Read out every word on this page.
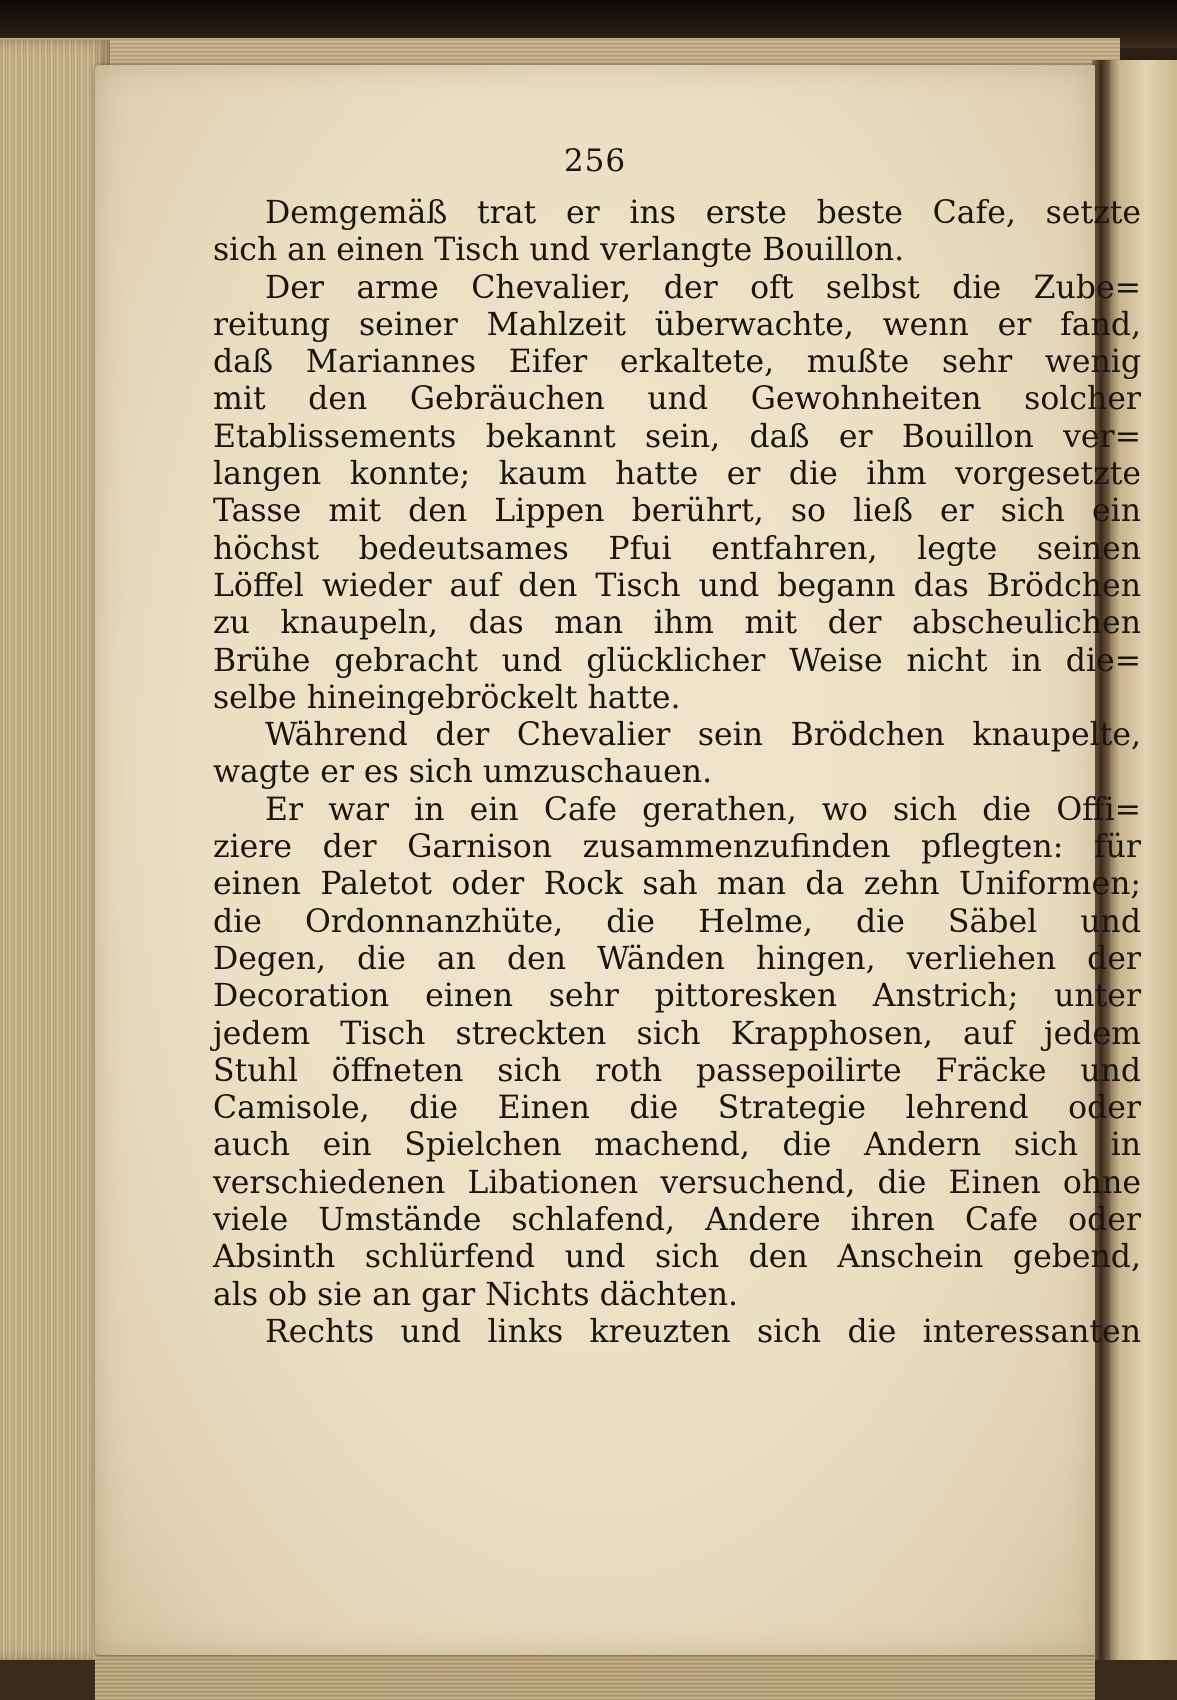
256
Demgemäß trat er ins erste beste Cafe, setzte
sich an einen Tisch und verlangte Bouillon.
Der arme Chevalier, der oft selbst die Zube=
reitung seiner Mahlzeit überwachte, wenn er fand,
daß Mariannes Eifer erkaltete, mußte sehr wenig
mit den Gebräuchen und Gewohnheiten solcher
Etablissements bekannt sein, daß er Bouillon ver=
langen konnte; kaum hatte er die ihm vorgesetzte
Tasse mit den Lippen berührt, so ließ er sich ein
höchst bedeutsames Pfui entfahren, legte seinen
Löffel wieder auf den Tisch und begann das Brödchen
zu knaupeln, das man ihm mit der abscheulichen
Brühe gebracht und glücklicher Weise nicht in die=
selbe hineingebröckelt hatte.
Während der Chevalier sein Brödchen knaupelte,
wagte er es sich umzuschauen.
Er war in ein Cafe gerathen, wo sich die Offi=
ziere der Garnison zusammenzufinden pflegten: für
einen Paletot oder Rock sah man da zehn Uniformen;
die Ordonnanzhüte, die Helme, die Säbel und
Degen, die an den Wänden hingen, verliehen der
Decoration einen sehr pittoresken Anstrich; unter
jedem Tisch streckten sich Krapphosen, auf jedem
Stuhl öffneten sich roth passepoilirte Fräcke und
Camisole, die Einen die Strategie lehrend oder
auch ein Spielchen machend, die Andern sich in
verschiedenen Libationen versuchend, die Einen ohne
viele Umstände schlafend, Andere ihren Cafe oder
Absinth schlürfend und sich den Anschein gebend,
als ob sie an gar Nichts dächten.
Rechts und links kreuzten sich die interessanten
